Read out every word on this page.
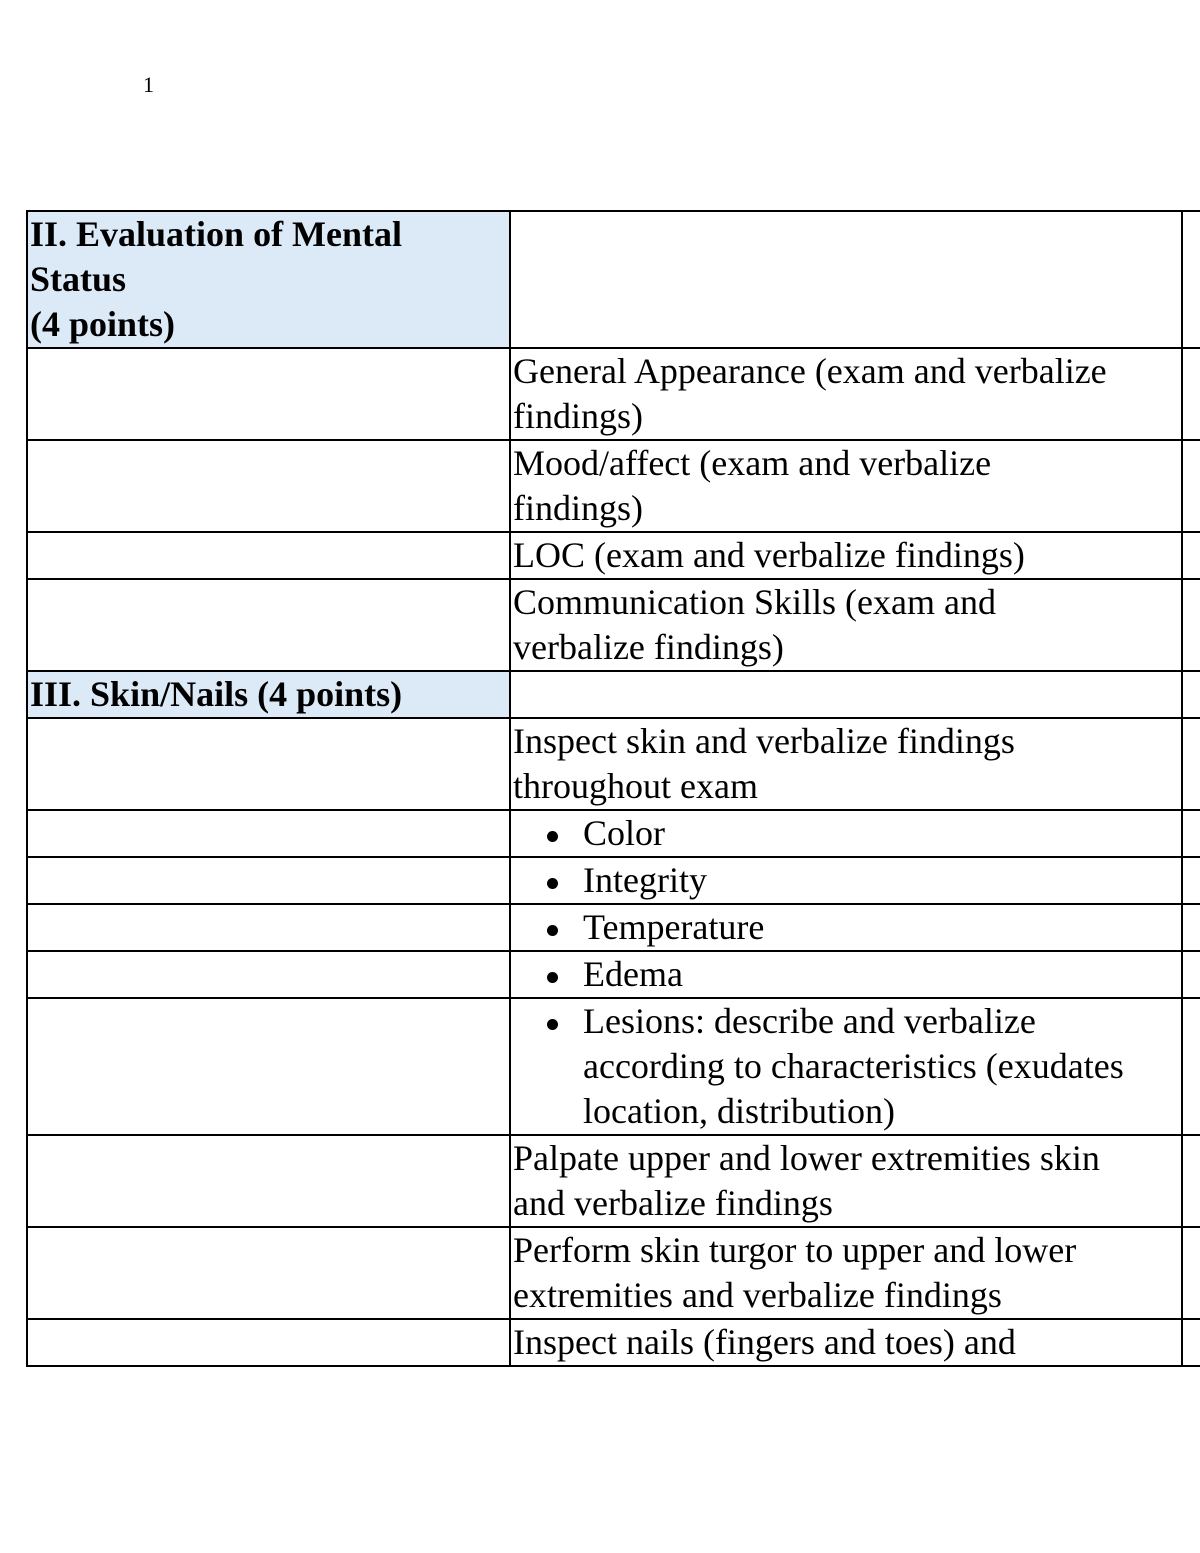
1
II. Evaluation of Mental
Status
(4 points)		

	General Appearance (exam and verbalize
findings)	

	Mood/affect (exam and verbalize
findings)	

	LOC (exam and verbalize findings)	

	Communication Skills (exam and
verbalize findings)	

III. Skin/Nails (4 points)		

	Inspect skin and verbalize findings
throughout exam	

	Color	

	Integrity	

	Temperature	

	Edema	

	Lesions: describe and verbalize
according to characteristics (exudates
location, distribution)	

	Palpate upper and lower extremities skin
and verbalize findings	

	Perform skin turgor to upper and lower
extremities and verbalize findings	

	Inspect nails (fingers and toes) and	
